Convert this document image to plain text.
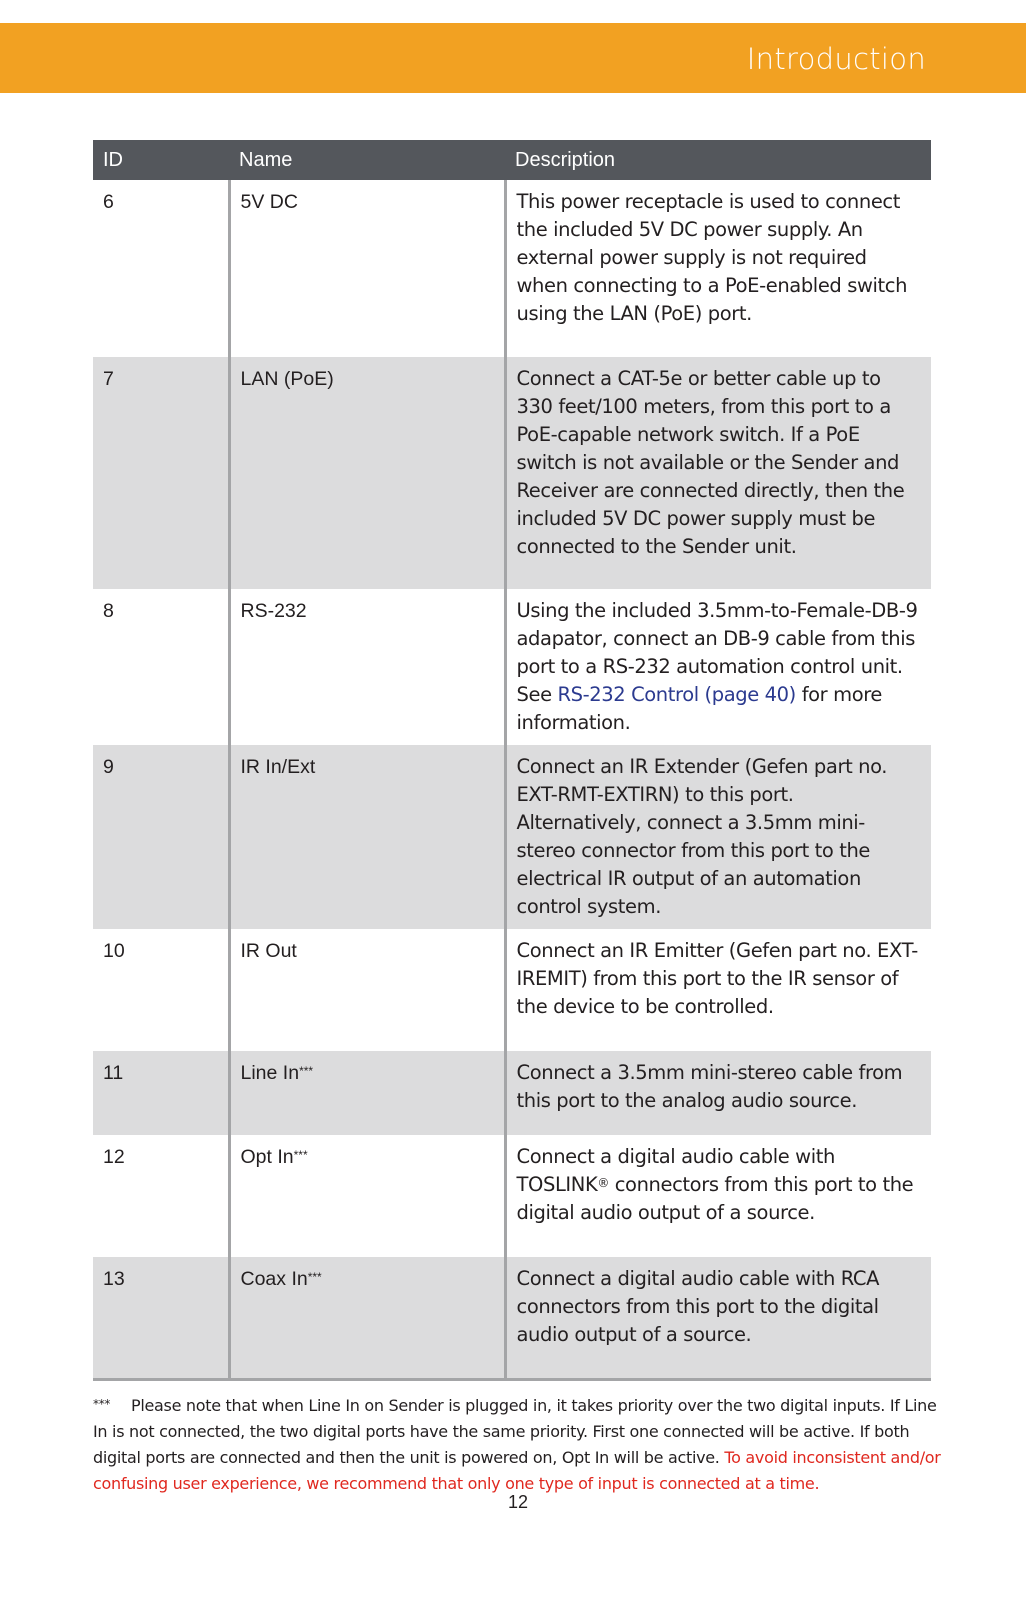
Introduction
ID	Name	Description
6	5V DC	This power receptacle is used to connect the included 5V DC power supply. An external power supply is not required when connecting to a PoE-enabled switch using the LAN (PoE) port.
7	LAN (PoE)	Connect a CAT-5e or better cable up to 330 feet/100 meters, from this port to a PoE-capable network switch. If a PoE switch is not available or the Sender and Receiver are connected directly, then the included 5V DC power supply must be connected to the Sender unit.
8	RS-232	Using the included 3.5mm-to-Female-DB-9 adapator, connect an DB-9 cable from this port to a RS-232 automation control unit. See RS-232 Control (page 40) for more information.
9	IR In/Ext	Connect an IR Extender (Gefen part no. EXT-RMT-EXTIRN) to this port. Alternatively, connect a 3.5mm mini-stereo connector from this port to the electrical IR output of an automation control system.
10	IR Out	Connect an IR Emitter (Gefen part no. EXT-IREMIT) from this port to the IR sensor of the device to be controlled.
11	Line In***	Connect a 3.5mm mini-stereo cable from this port to the analog audio source.
12	Opt In***	Connect a digital audio cable with TOSLINK® connectors from this port to the digital audio output of a source.
13	Coax In***	Connect a digital audio cable with RCA connectors from this port to the digital audio output of a source.
*** Please note that when Line In on Sender is plugged in, it takes priority over the two digital inputs. If Line In is not connected, the two digital ports have the same priority. First one connected will be active. If both digital ports are connected and then the unit is powered on, Opt In will be active. To avoid inconsistent and/or confusing user experience, we recommend that only one type of input is connected at a time.
12
